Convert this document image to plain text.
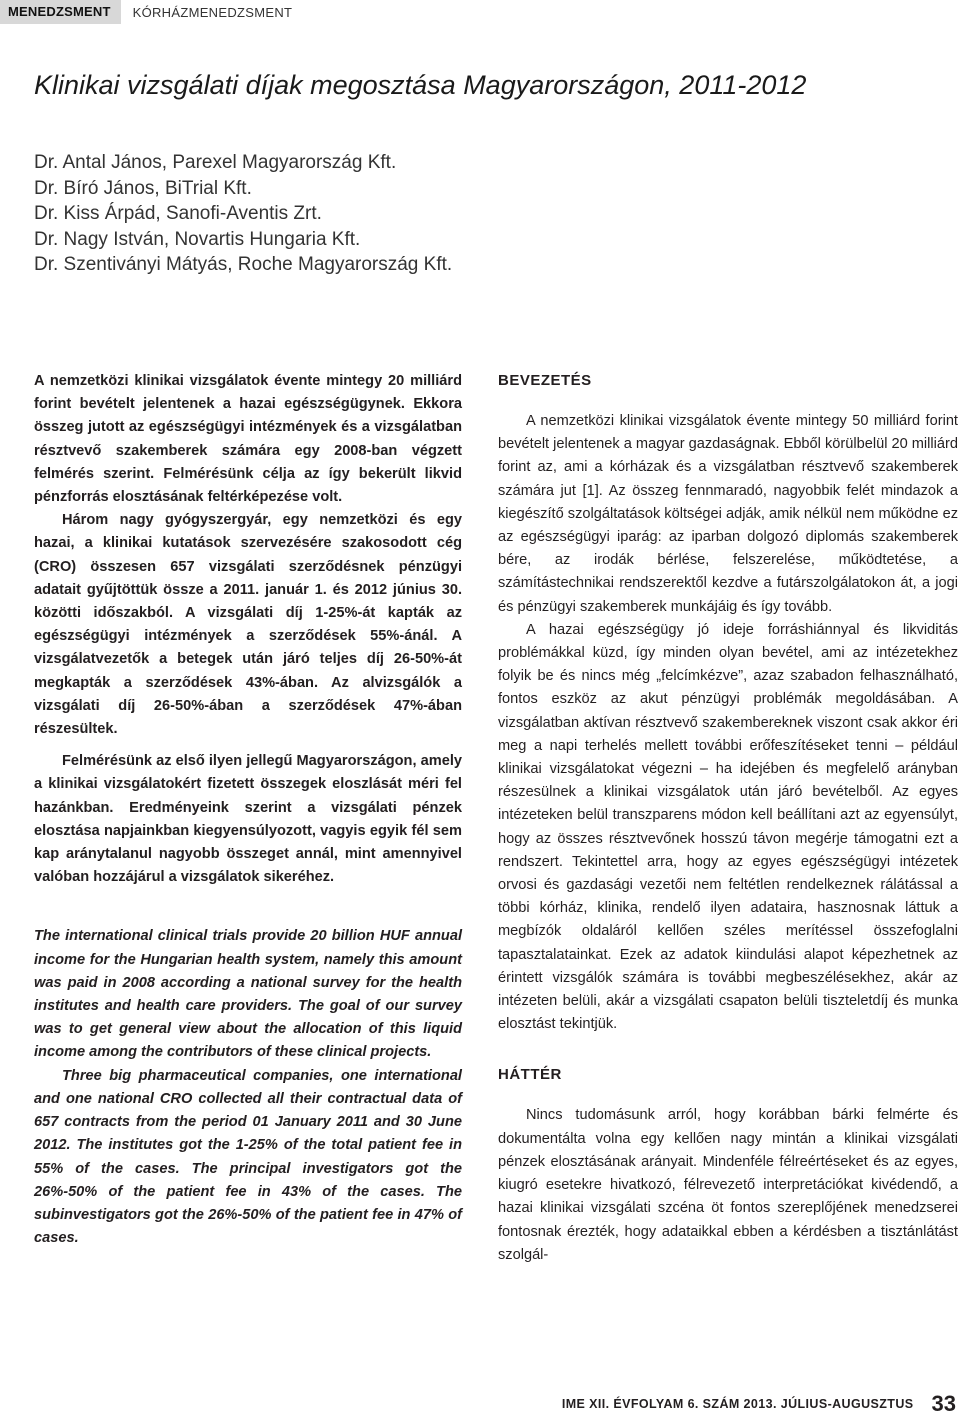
MENEDZSMENT	KÓRHÁZMENEDZSMENT
Klinikai vizsgálati díjak megosztása Magyarországon, 2011-2012
Dr. Antal János, Parexel Magyarország Kft.
Dr. Bíró János, BiTrial Kft.
Dr. Kiss Árpád, Sanofi-Aventis Zrt.
Dr. Nagy István, Novartis Hungaria Kft.
Dr. Szentiványi Mátyás, Roche Magyarország Kft.

A nemzetközi klinikai vizsgálatok évente mintegy 20 milliárd forint bevételt jelentenek a hazai egészségügynek. Ekkora összeg jutott az egészségügyi intézmények és a vizsgálatban résztvevő szakemberek számára egy 2008-ban végzett felmérés szerint. Felmérésünk célja az így bekerült likvid pénzforrás elosztásának feltérképezése volt.

Három nagy gyógyszergyár, egy nemzetközi és egy hazai, a klinikai kutatások szervezésére szakosodott cég (CRO) összesen 657 vizsgálati szerződésnek pénzügyi adatait gyűjtöttük össze a 2011. január 1. és 2012 június 30. közötti időszakból. A vizsgálati díj 1-25%-át kapták az egészségügyi intézmények a szerződések 55%-ánál. A vizsgálatvezetők a betegek után járó teljes díj 26-50%-át megkapták a szerződések 43%-ában. Az alvizsgálók a vizsgálati díj 26-50%-ában a szerződések 47%-ában részesültek.

Felmérésünk az első ilyen jellegű Magyarországon, amely a klinikai vizsgálatokért fizetett összegek eloszlását méri fel hazánkban. Eredményeink szerint a vizsgálati pénzek elosztása napjainkban kiegyensúlyozott, vagyis egyik fél sem kap aránytalanul nagyobb összeget annál, mint amennyivel valóban hozzájárul a vizsgálatok sikeréhez.

The international clinical trials provide 20 billion HUF annual income for the Hungarian health system, namely this amount was paid in 2008 according a national survey for the health institutes and health care providers. The goal of our survey was to get general view about the allocation of this liquid income among the contributors of these clinical projects.

Three big pharmaceutical companies, one international and one national CRO collected all their contractual data of 657 contracts from the period 01 January 2011 and 30 June 2012. The institutes got the 1-25% of the total patient fee in 55% of the cases. The principal investigators got the 26%-50% of the patient fee in 43% of the cases. The subinvestigators got the 26%-50% of the patient fee in 47% of cases.

BEVEZETÉS

A nemzetközi klinikai vizsgálatok évente mintegy 50 milliárd forint bevételt jelentenek a magyar gazdaságnak. Ebből körülbelül 20 milliárd forint az, ami a kórházak és a vizsgálatban résztvevő szakemberek számára jut [1]. Az összeg fennmaradó, nagyobbik felét mindazok a kiegészítő szolgáltatások költségei adják, amik nélkül nem működne ez az egészségügyi iparág: az iparban dolgozó diplomás szakemberek bére, az irodák bérlése, felszerelése, működtetése, a számítástechnikai rendszerektől kezdve a futárszolgálatokon át, a jogi és pénzügyi szakemberek munkájáig és így tovább.

A hazai egészségügy jó ideje forráshiánnyal és likviditás problémákkal küzd, így minden olyan bevétel, ami az intézetekhez folyik be és nincs még „felcímkézve”, azaz szabadon felhasználható, fontos eszköz az akut pénzügyi problémák megoldásában. A vizsgálatban aktívan résztvevő szakembereknek viszont csak akkor éri meg a napi terhelés mellett további erőfeszítéseket tenni – például klinikai vizsgálatokat végezni – ha idejében és megfelelő arányban részesülnek a klinikai vizsgálatok után járó bevételből. Az egyes intézeteken belül transzparens módon kell beállítani azt az egyensúlyt, hogy az összes résztvevőnek hosszú távon megérje támogatni ezt a rendszert. Tekintettel arra, hogy az egyes egészségügyi intézetek orvosi és gazdasági vezetői nem feltétlen rendelkeznek rálátással a többi kórház, klinika, rendelő ilyen adataira, hasznosnak láttuk a megbízók oldaláról kellően széles merítéssel összefoglalni tapasztalatainkat. Ezek az adatok kiindulási alapot képezhetnek az érintett vizsgálók számára is további megbeszélésekhez, akár az intézeten belüli, akár a vizsgálati csapaton belüli tiszteletdíj és munka elosztást tekintjük.

HÁTTÉR

Nincs tudomásunk arról, hogy korábban bárki felmérte és dokumentálta volna egy kellően nagy mintán a klinikai vizsgálati pénzek elosztásának arányait. Mindenféle félreértéseket és az egyes, kiugró esetekre hivatkozó, félrevezető interpretációkat kivédendő, a hazai klinikai vizsgálati szcéna öt fontos szereplőjének menedzserei fontosnak érezték, hogy adataikkal ebben a kérdésben a tisztánlátást szolgál-

IME XII. ÉVFOLYAM 6. SZÁM 2013. JÚLIUS-AUGUSZTUS 33
